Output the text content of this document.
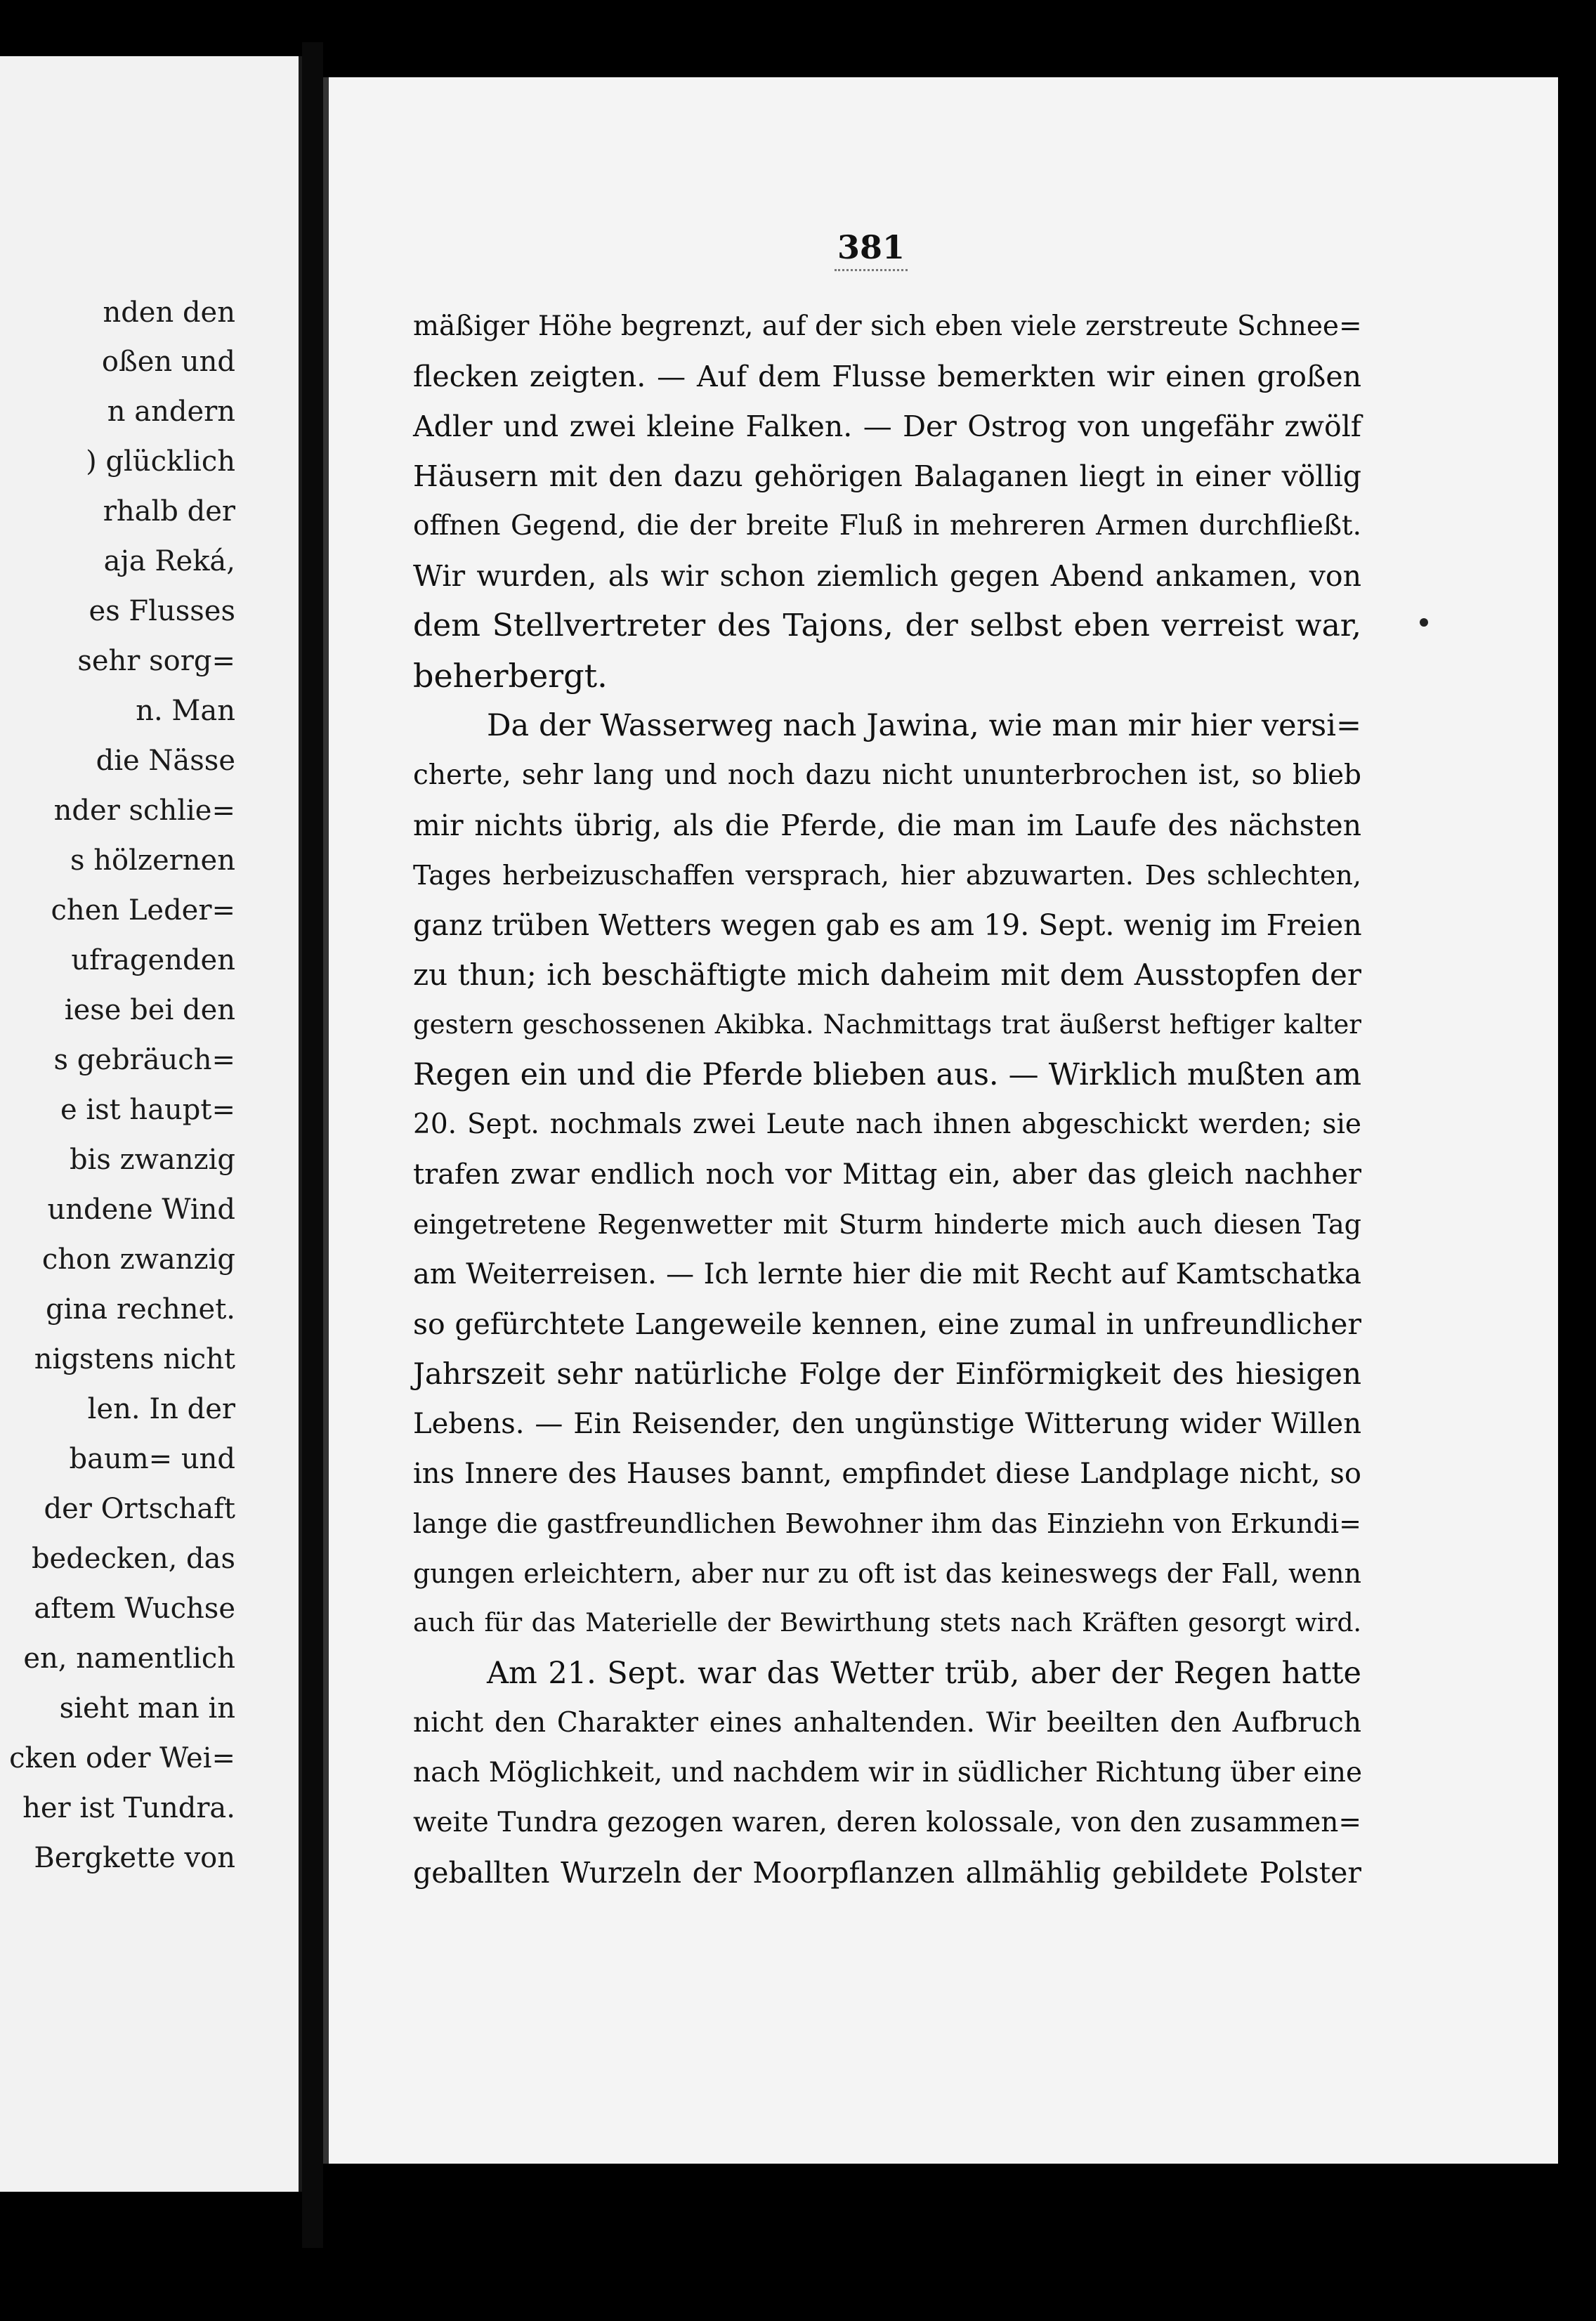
nden den
oßen und
n andern
) glücklich
rhalb der
aja Reká,
es Flusses
sehr sorg=
n. Man
die Nässe
nder schlie=
s hölzernen
chen Leder=
ufragenden
iese bei den
s gebräuch=
e ist haupt=
bis zwanzig
undene Wind
chon zwanzig
gina rechnet.
nigstens nicht
len. In der
baum= und
der Ortschaft
bedecken, das
aftem Wuchse
en, namentlich
sieht man in
cken oder Wei=
her ist Tundra.
Bergkette von
381
mäßiger Höhe begrenzt, auf der sich eben viele zerstreute Schnee=
flecken zeigten. — Auf dem Flusse bemerkten wir einen großen
Adler und zwei kleine Falken. — Der Ostrog von ungefähr zwölf
Häusern mit den dazu gehörigen Balaganen liegt in einer völlig
offnen Gegend, die der breite Fluß in mehreren Armen durchfließt.
Wir wurden, als wir schon ziemlich gegen Abend ankamen, von
dem Stellvertreter des Tajons, der selbst eben verreist war,
beherbergt.
Da der Wasserweg nach Jawina, wie man mir hier versi=
cherte, sehr lang und noch dazu nicht ununterbrochen ist, so blieb
mir nichts übrig, als die Pferde, die man im Laufe des nächsten
Tages herbeizuschaffen versprach, hier abzuwarten. Des schlechten,
ganz trüben Wetters wegen gab es am 19. Sept. wenig im Freien
zu thun; ich beschäftigte mich daheim mit dem Ausstopfen der
gestern geschossenen Akibka. Nachmittags trat äußerst heftiger kalter
Regen ein und die Pferde blieben aus. — Wirklich mußten am
20. Sept. nochmals zwei Leute nach ihnen abgeschickt werden; sie
trafen zwar endlich noch vor Mittag ein, aber das gleich nachher
eingetretene Regenwetter mit Sturm hinderte mich auch diesen Tag
am Weiterreisen. — Ich lernte hier die mit Recht auf Kamtschatka
so gefürchtete Langeweile kennen, eine zumal in unfreundlicher
Jahrszeit sehr natürliche Folge der Einförmigkeit des hiesigen
Lebens. — Ein Reisender, den ungünstige Witterung wider Willen
ins Innere des Hauses bannt, empfindet diese Landplage nicht, so
lange die gastfreundlichen Bewohner ihm das Einziehn von Erkundi=
gungen erleichtern, aber nur zu oft ist das keineswegs der Fall, wenn
auch für das Materielle der Bewirthung stets nach Kräften gesorgt wird.
Am 21. Sept. war das Wetter trüb, aber der Regen hatte
nicht den Charakter eines anhaltenden. Wir beeilten den Aufbruch
nach Möglichkeit, und nachdem wir in südlicher Richtung über eine
weite Tundra gezogen waren, deren kolossale, von den zusammen=
geballten Wurzeln der Moorpflanzen allmählig gebildete Polster
